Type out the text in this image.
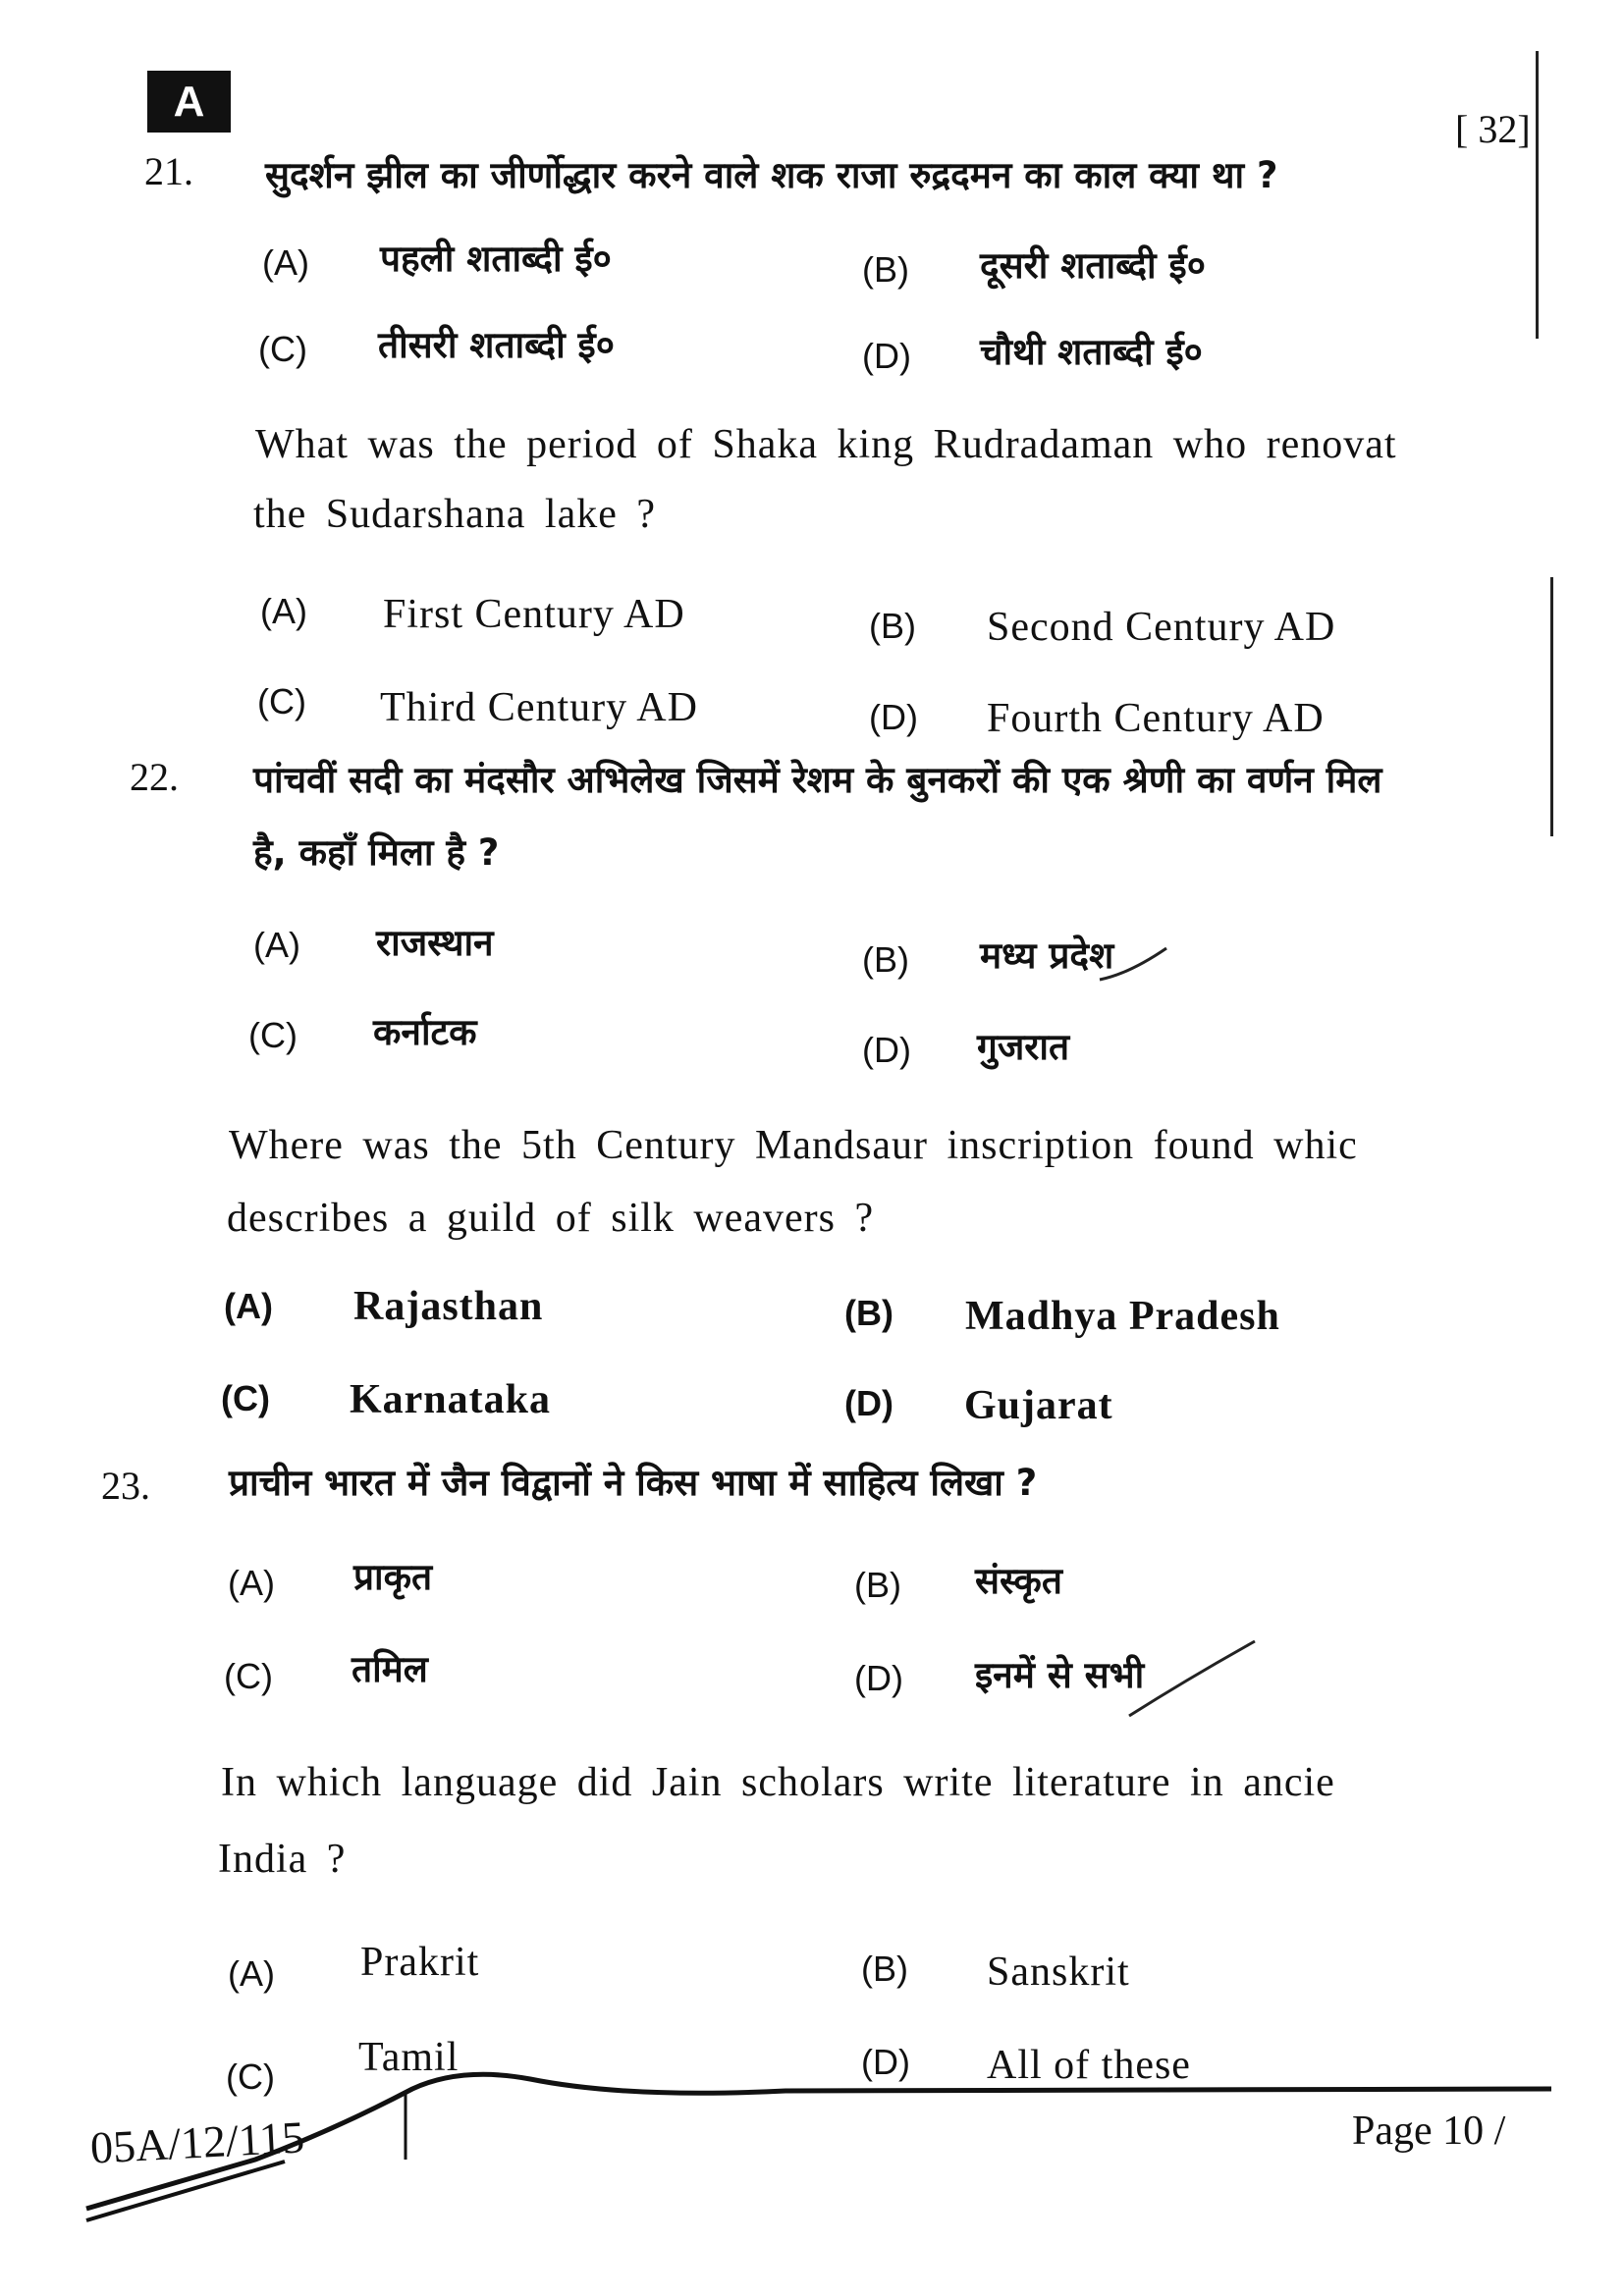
A
[ 32]
21. सुदर्शन झील का जीर्णोद्धार करने वाले शक राजा रुद्रदमन का काल क्या था ?
(A) पहली शताब्दी ई०	(B) दूसरी शताब्दी ई०
(C) तीसरी शताब्दी ई०	(D) चौथी शताब्दी ई०
What was the period of Shaka king Rudradaman who renovat
the Sudarshana lake ?
(A) First Century AD	(B) Second Century AD
(C) Third Century AD	(D) Fourth Century AD
22. पांचवीं सदी का मंदसौर अभिलेख जिसमें रेशम के बुनकरों की एक श्रेणी का वर्णन मिल
है, कहाँ मिला है ?
(A) राजस्थान	(B) मध्य प्रदेश
(C) कर्नाटक	(D) गुजरात
Where was the 5th Century Mandsaur inscription found whic
describes a guild of silk weavers ?
(A) Rajasthan	(B) Madhya Pradesh
(C) Karnataka	(D) Gujarat
23. प्राचीन भारत में जैन विद्वानों ने किस भाषा में साहित्य लिखा ?
(A) प्राकृत	(B) संस्कृत
(C) तमिल	(D) इनमें से सभी
In which language did Jain scholars write literature in ancie
India ?
(A) Prakrit	(B) Sanskrit
(C) Tamil	(D) All of these
05A/12/115	Page 10 /
